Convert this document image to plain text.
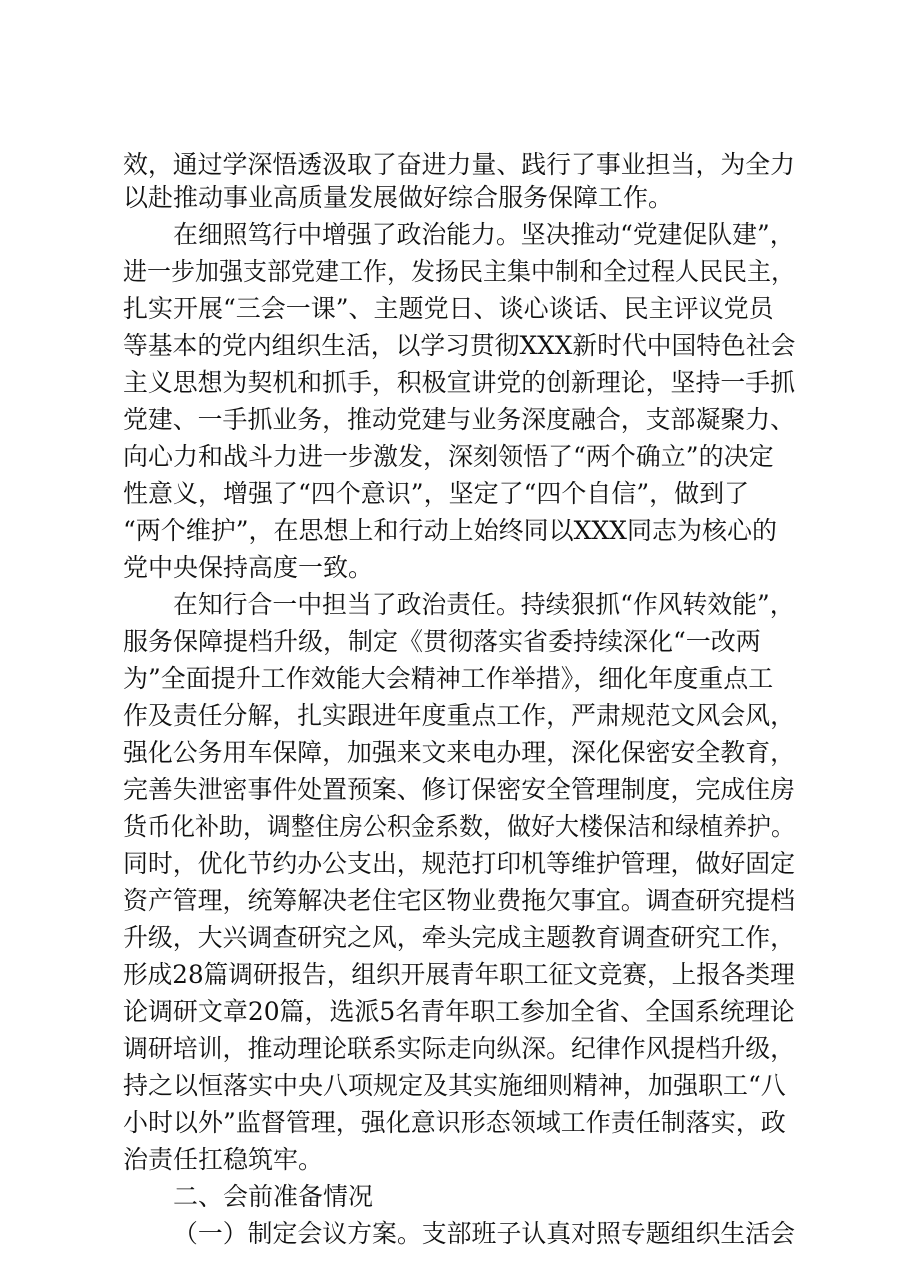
效，通过学深悟透汲取了奋进力量、践行了事业担当，为全力
以赴推动事业高质量发展做好综合服务保障工作。
在细照笃行中增强了政治能力。坚决推动“党建促队建”，
进一步加强支部党建工作，发扬民主集中制和全过程人民民主，
扎实开展“三会一课”、主题党日、谈心谈话、民主评议党员
等基本的党内组织生活，以学习贯彻XXX新时代中国特色社会
主义思想为契机和抓手，积极宣讲党的创新理论，坚持一手抓
党建、一手抓业务，推动党建与业务深度融合，支部凝聚力、
向心力和战斗力进一步激发，深刻领悟了“两个确立”的决定
性意义，增强了“四个意识”，坚定了“四个自信”，做到了
“两个维护”，在思想上和行动上始终同以XXX同志为核心的
党中央保持高度一致。
在知行合一中担当了政治责任。持续狠抓“作风转效能”，
服务保障提档升级，制定《贯彻落实省委持续深化“一改两
为”全面提升工作效能大会精神工作举措》，细化年度重点工
作及责任分解，扎实跟进年度重点工作，严肃规范文风会风，
强化公务用车保障，加强来文来电办理，深化保密安全教育，
完善失泄密事件处置预案、修订保密安全管理制度，完成住房
货币化补助，调整住房公积金系数，做好大楼保洁和绿植养护。
同时，优化节约办公支出，规范打印机等维护管理，做好固定
资产管理，统筹解决老住宅区物业费拖欠事宜。调查研究提档
升级，大兴调查研究之风，牵头完成主题教育调查研究工作，
形成28篇调研报告，组织开展青年职工征文竞赛，上报各类理
论调研文章20篇，选派5名青年职工参加全省、全国系统理论
调研培训，推动理论联系实际走向纵深。纪律作风提档升级，
持之以恒落实中央八项规定及其实施细则精神，加强职工“八
小时以外”监督管理，强化意识形态领域工作责任制落实，政
治责任扛稳筑牢。
二、会前准备情况
（一）制定会议方案。支部班子认真对照专题组织生活会
